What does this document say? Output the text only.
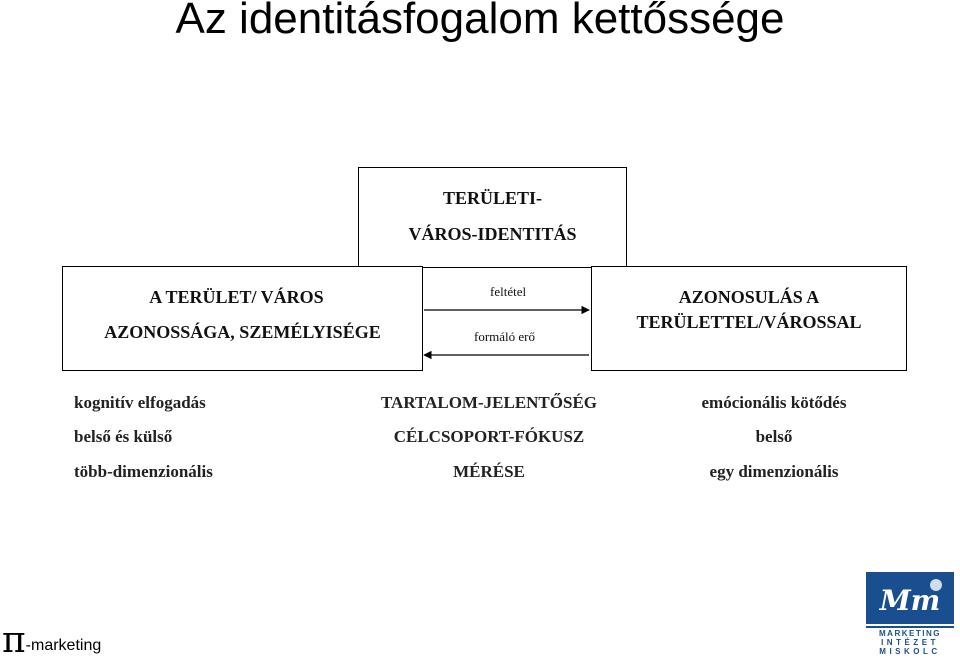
Az identitásfogalom kettőssége
TERÜLETI-
VÁROS-IDENTITÁS
A TERÜLET/ VÁROS
AZONOSSÁGA, SZEMÉLYISÉGE
AZONOSULÁS A
TERÜLETTEL/VÁROSSAL
feltétel
formáló erő
kognitív elfogadás
belső és külső
több-dimenzionális
TARTALOM-JELENTŐSÉG
CÉLCSOPORT-FÓKUSZ
MÉRÉSE
emócionális kötődés
belső
egy dimenzionális
π-marketing
Mm
MARKETING
INTÉZET
MISKOLC
